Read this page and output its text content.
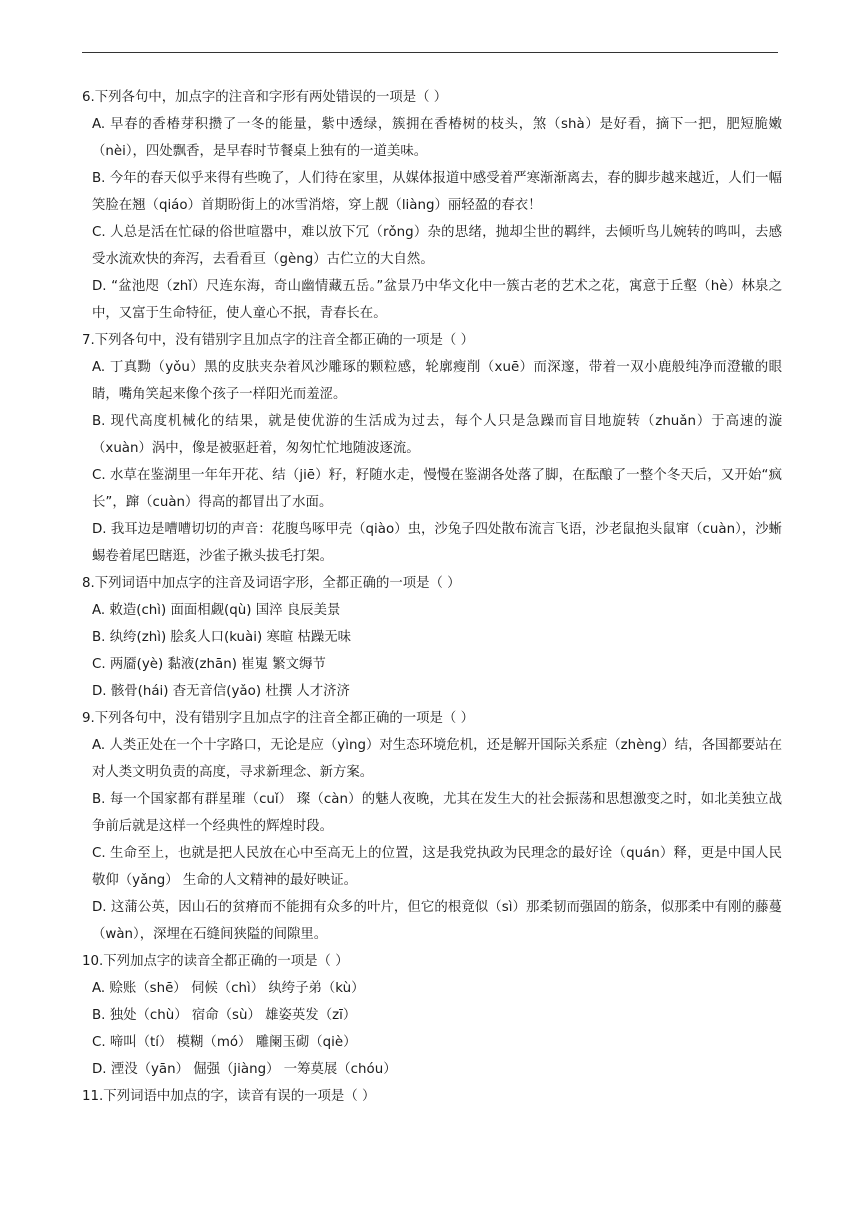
6.下列各句中，加点字的注音和字形有两处错误的一项是（ ）

A. 早春的香椿芽积攒了一冬的能量，紫中透绿，簇拥在香椿树的枝头，煞（shà）是好看，摘下一把，肥短脆嫩（nèi），四处飘香，是早春时节餐桌上独有的一道美味。

B. 今年的春天似乎来得有些晚了，人们待在家里，从媒体报道中感受着严寒渐渐离去，春的脚步越来越近，人们一幅笑脸在翘（qiáo）首期盼街上的冰雪消熔，穿上靓（liàng）丽轻盈的春衣！

C. 人总是活在忙碌的俗世喧嚣中，难以放下冗（rǒng）杂的思绪，抛却尘世的羁绊，去倾听鸟儿婉转的鸣叫，去感受水流欢快的奔泻，去看看亘（gèng）古伫立的大自然。

D. “盆池咫（zhǐ）尺连东海，奇山幽情藏五岳。”盆景乃中华文化中一簇古老的艺术之花，寓意于丘壑（hè）林泉之中，又富于生命特征，使人童心不抿，青春长在。

7.下列各句中，没有错别字且加点字的注音全都正确的一项是（ ）

A. 丁真黝（yǒu）黑的皮肤夹杂着风沙雕琢的颗粒感，轮廓瘦削（xuē）而深邃，带着一双小鹿般纯净而澄辙的眼睛，嘴角笑起来像个孩子一样阳光而羞涩。

B. 现代高度机械化的结果，就是使优游的生活成为过去，每个人只是急躁而盲目地旋转（zhuǎn）于高速的漩（xuàn）涡中，像是被驱赶着，匆匆忙忙地随波逐流。

C. 水草在鉴湖里一年年开花、结（jiē）籽，籽随水走，慢慢在鉴湖各处落了脚，在酝酿了一整个冬天后，又开始“疯长”，蹿（cuàn）得高的都冒出了水面。

D. 我耳边是嘈嘈切切的声音：花腹鸟啄甲壳（qiào）虫，沙兔子四处散布流言飞语，沙老鼠抱头鼠窜（cuàn），沙蜥蜴卷着尾巴瞎逛，沙雀子揪头拔毛打架。

8.下列词语中加点字的注音及词语字形，全都正确的一项是（ ）

A. 敕造(chì) 面面相觑(qù) 国淬 良辰美景

B. 纨绔(zhì) 脍炙人口(kuài) 寒暄 枯躁无味

C. 两靥(yè) 黏液(zhān) 崔嵬 繁文缛节

D. 骸骨(hái) 杳无音信(yǎo) 杜撰 人才济济

9.下列各句中，没有错别字且加点字的注音全都正确的一项是（ ）

A. 人类正处在一个十字路口，无论是应（yìng）对生态环境危机，还是解开国际关系症（zhèng）结，各国都要站在对人类文明负责的高度，寻求新理念、新方案。

B. 每一个国家都有群星璀（cuǐ） 璨（càn）的魅人夜晚，尤其在发生大的社会振荡和思想激变之时，如北美独立战争前后就是这样一个经典性的辉煌时段。

C. 生命至上，也就是把人民放在心中至高无上的位置，这是我党执政为民理念的最好诠（quán）释，更是中国人民敬仰（yǎng） 生命的人文精神的最好映证。

D. 这蒲公英，因山石的贫瘠而不能拥有众多的叶片，但它的根竟似（sì）那柔韧而强固的筋条，似那柔中有刚的藤蔓（wàn），深埋在石缝间狭隘的间隙里。

10.下列加点字的读音全都正确的一项是（ ）

A. 赊账（shē） 伺候（chì） 纨绔子弟（kù）

B. 独处（chù） 宿命（sù） 雄姿英发（zī）

C. 啼叫（tí） 模糊（mó） 雕阑玉砌（qiè）

D. 湮没（yān） 倔强（jiàng） 一筹莫展（chóu）

11.下列词语中加点的字，读音有误的一项是（ ）
